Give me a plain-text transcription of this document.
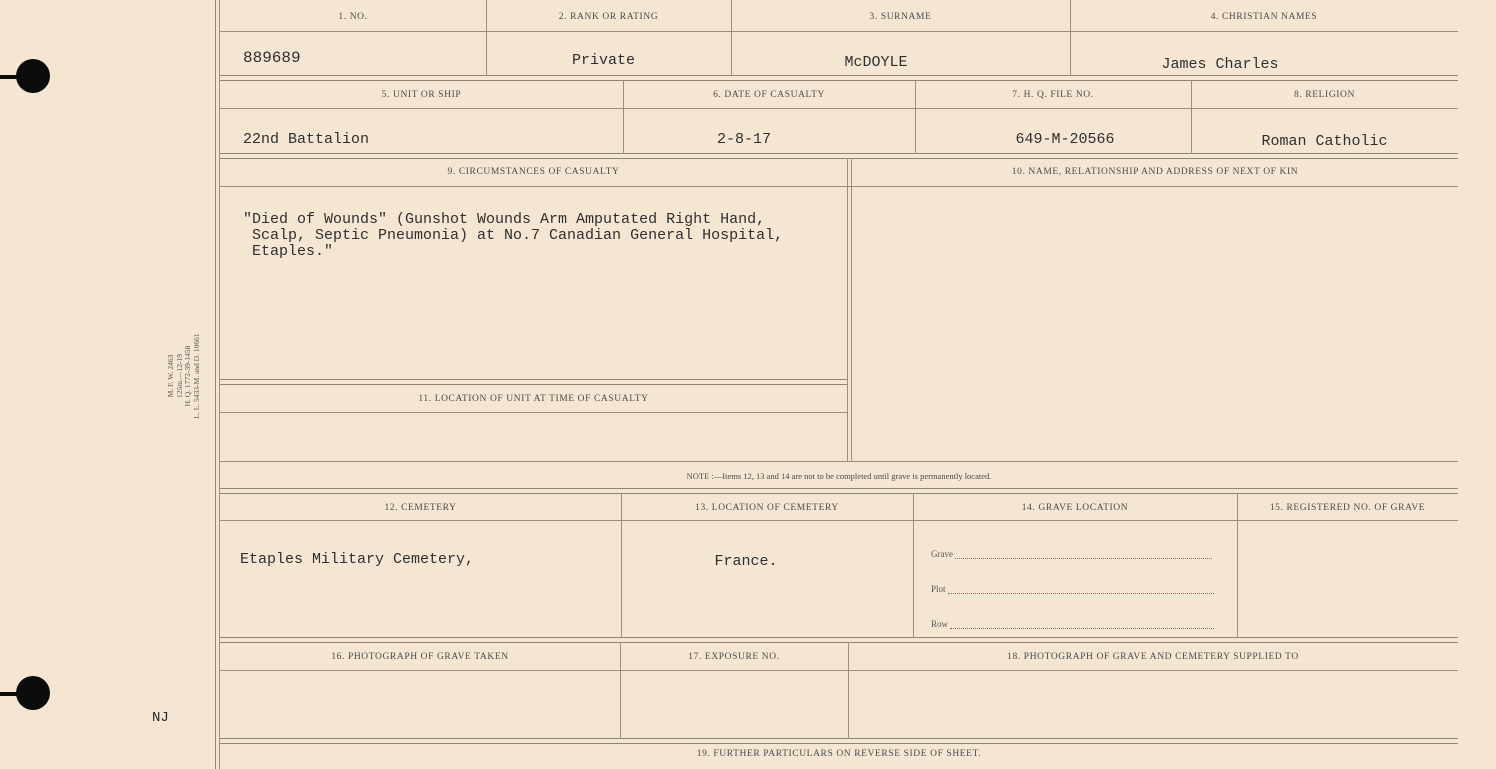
M. F. W. 2463
125m.—12-19
H. Q. 1772-39-1458
L. L. 5433-M. and D. 10661
NJ
1. NO.	2. RANK OR RATING	3. SURNAME	4. CHRISTIAN NAMES
889689	Private	McDOYLE	James Charles
5. UNIT OR SHIP	6. DATE OF CASUALTY	7. H. Q. FILE NO.	8. RELIGION
22nd Battalion	2-8-17	649-M-20566	Roman Catholic
9. CIRCUMSTANCES OF CASUALTY	10. NAME, RELATIONSHIP AND ADDRESS OF NEXT OF KIN
"Died of Wounds" (Gunshot Wounds Arm Amputated Right Hand,
Scalp, Septic Pneumonia) at No.7 Canadian General Hospital,
Etaples."
11. LOCATION OF UNIT AT TIME OF CASUALTY
NOTE :—Items 12, 13 and 14 are not to be completed until grave is permanently located.
12. CEMETERY	13. LOCATION OF CEMETERY	14. GRAVE LOCATION	15. REGISTERED NO. OF GRAVE
Etaples Military Cemetery,	France.	Grave
Plot
Row
16. PHOTOGRAPH OF GRAVE TAKEN	17. EXPOSURE NO.	18. PHOTOGRAPH OF GRAVE AND CEMETERY SUPPLIED TO
19. FURTHER PARTICULARS ON REVERSE SIDE OF SHEET.
